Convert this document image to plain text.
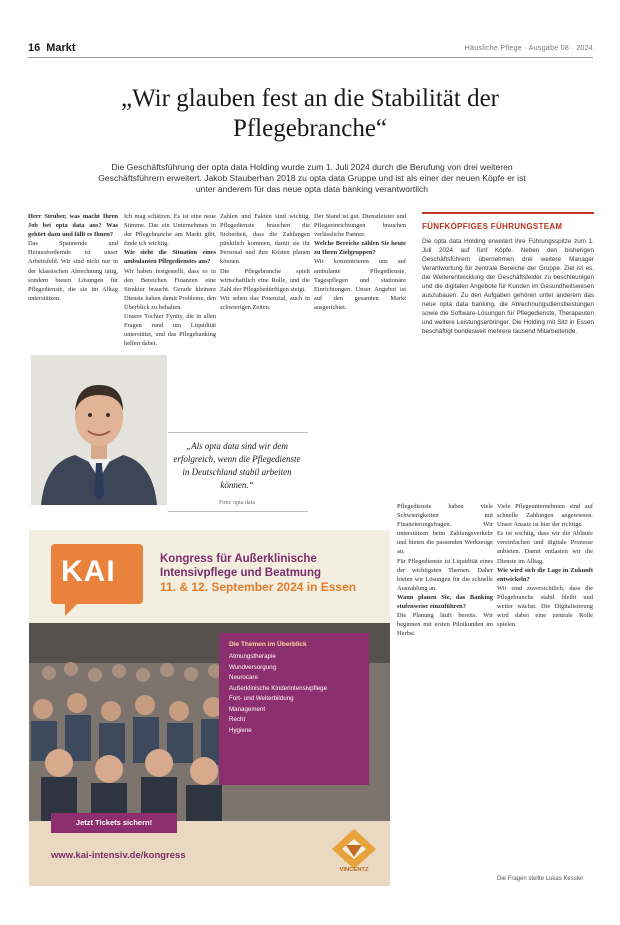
16 Markt	Häusliche Pflege · Ausgabe 08 · 2024
„Wir glauben fest an die Stabilität der Pflegebranche“

Die Geschäftsführung der opta data Holding wurde zum 1. Juli 2024 durch die Berufung von drei weiteren Geschäftsführern erweitert. Jakob Stauberhan 2018 zu opta data Gruppe und ist als einer der neuen Köpfe er ist unter anderem für das neue opta data banking verantwortlich

Herr Struber, was macht Ihren Job bei opta data aus? Was gehört dazu und fällt es Ihnen?

Das Spannende und Herausfordernde ist unser Arbeitsfeld. Wir sind nicht nur in der klassischen Abrechnung tätig, sondern bieten Lösungen für Pflegedienste, die sie im Alltag unterstützen.

Ich mag schätzen. Es ist eine neue Stimme. Das ein Unternehmen in der Pflegebranche am Markt gibt, finde ich wichtig.

Wie sieht die Situation eines ambulanten Pflegedienstes aus?

Wir haben festgestellt, dass es in den Bereichen Finanzen eine Struktur braucht. Gerade kleinere Dienste haben damit Probleme, den Überblick zu behalten.

Unsere Tochter Fynity, die in allen Fragen rund um Liquidität unterstützt, und das Pflegebanking helfen dabei.

Zahlen und Fakten sind wichtig. Pflegedienste brauchen die Sicherheit, dass die Zahlungen pünktlich kommen, damit sie ihr Personal und ihre Kosten planen können.

Die Pflegebranche spielt wirtschaftlich eine Rolle, und die Zahl der Pflegebedürftigen steigt.

Wir sehen das Potenzial, auch in schwierigen Zeiten.

Der Stand ist gut. Dienstleister und Pflegeeinrichtungen brauchen verlässliche Partner.

Welche Bereiche zählen Sie heute zu Ihren Zielgruppen?

Wir konzentrieren uns auf ambulante Pflegedienste, Tagespflegen und stationäre Einrichtungen. Unser Angebot ist auf den gesamten Markt ausgerichtet.

„Als opta data sind wir dem erfolgreich, wenn die Pflegedienste in Deutschland stabil arbeiten können.“

Foto: opta data

FÜNFKÖPFIGES FÜHRUNGSTEAM

Die opta data Holding erweitert ihre Führungsspitze zum 1. Juli 2024 auf fünf Köpfe. Neben den bisherigen Geschäftsführern übernehmen drei weitere Manager Verantwortung für zentrale Bereiche der Gruppe. Ziel ist es, die Weiterentwicklung der Geschäftsfelder zu beschleunigen und die digitalen Angebote für Kunden im Gesundheitswesen auszubauen. Zu den Aufgaben gehören unter anderem das neue opta data banking, die Abrechnungsdienstleistungen sowie die Software-Lösungen für Pflegedienste, Therapeuten und weitere Leistungserbringer. Die Holding mit Sitz in Essen beschäftigt bundesweit mehrere tausend Mitarbeitende.

KAI	Kongress für Außerklinische Intensivpflege und Beatmung
11. & 12. September 2024 in Essen
Die Themen im Überblick
Atmungstherapie
Wundversorgung
Neurocare
Außerklinische Kinderintensivpflege
Fort- und Weiterbildung
Management
Recht
Hygiene
Jetzt Tickets sichern!
www.kai-intensiv.de/kongress
VINCENTZ

Pflegedienste haben viele Schwierigkeiten mit Finanzierungsfragen. Wir unterstützen beim Zahlungsverkehr und bieten die passenden Werkzeuge an.

Für Pflegedienste ist Liquidität eines der wichtigsten Themen. Daher bieten wir Lösungen für die schnelle Auszahlung an.

Wann planen Sie, das Banking stufenweise einzuführen?

Die Planung läuft bereits. Wir beginnen mit ersten Pilotkunden im Herbst.

Viele Pflegeunternehmen sind auf schnelle Zahlungen angewiesen. Unser Ansatz ist hier der richtige.

Es ist wichtig, dass wir die Abläufe vereinfachen und digitale Prozesse anbieten. Damit entlasten wir die Dienste im Alltag.

Wie wird sich die Lage in Zukunft entwickeln?

Wir sind zuversichtlich, dass die Pflegebranche stabil bleibt und weiter wächst. Die Digitalisierung wird dabei eine zentrale Rolle spielen.

Die Fragen stellte Lukas Kessler
